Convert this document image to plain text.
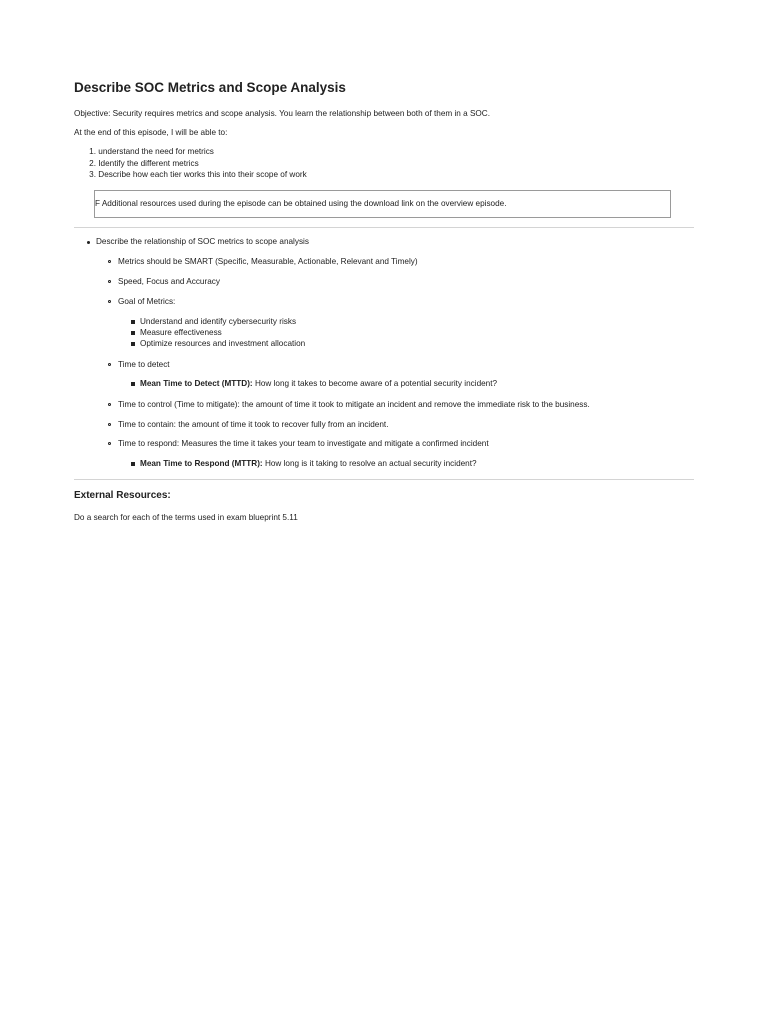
Describe SOC Metrics and Scope Analysis
Objective: Security requires metrics and scope analysis. You learn the relationship between both of them in a SOC.
At the end of this episode, I will be able to:
1. understand the need for metrics
2. Identify the different metrics
3. Describe how each tier works this into their scope of work
F Additional resources used during the episode can be obtained using the download link on the overview episode.
Describe the relationship of SOC metrics to scope analysis
Metrics should be SMART (Specific, Measurable, Actionable, Relevant and Timely)
Speed, Focus and Accuracy
Goal of Metrics:
Understand and identify cybersecurity risks
Measure effectiveness
Optimize resources and investment allocation
Time to detect
Mean Time to Detect (MTTD): How long it takes to become aware of a potential security incident?
Time to control (Time to mitigate): the amount of time it took to mitigate an incident and remove the immediate risk to the business.
Time to contain: the amount of time it took to recover fully from an incident.
Time to respond: Measures the time it takes your team to investigate and mitigate a confirmed incident
Mean Time to Respond (MTTR): How long is it taking to resolve an actual security incident?
External Resources:
Do a search for each of the terms used in exam blueprint 5.11
